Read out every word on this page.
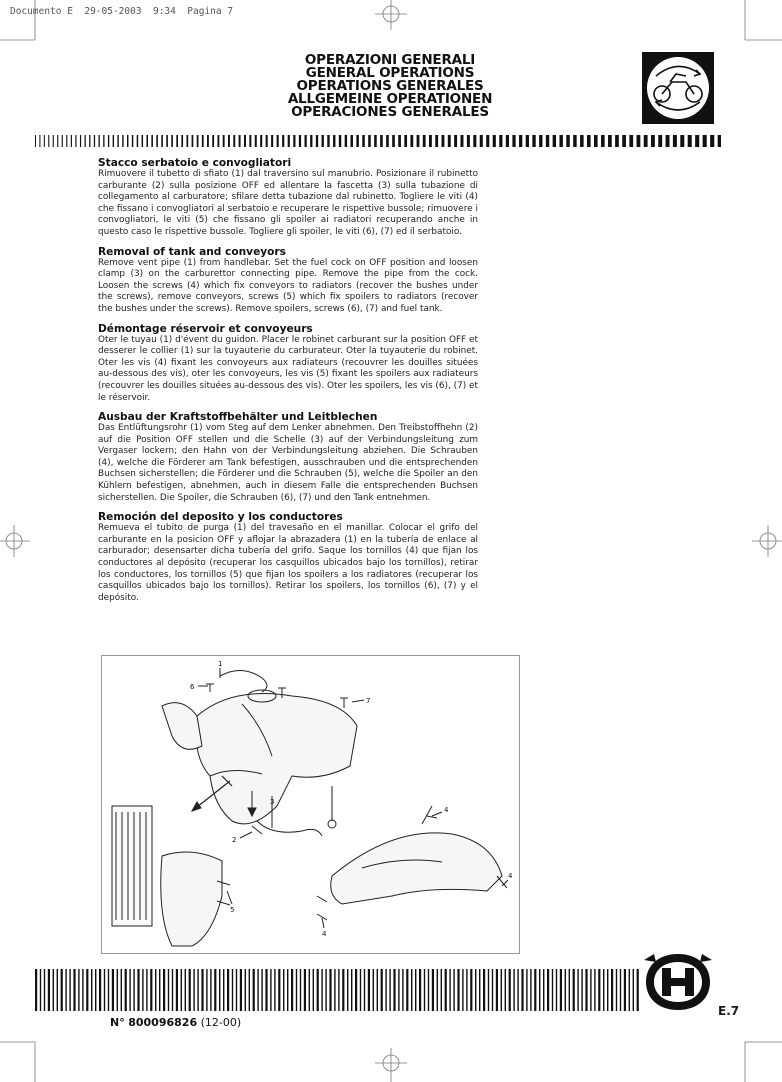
Documento E  29-05-2003  9:34  Pagina 7
OPERAZIONI GENERALI
GENERAL OPERATIONS
OPERATIONS GENERALES
ALLGEMEINE OPERATIONEN
OPERACIONES GENERALES
Stacco serbatoio e convogliatori
Rimuovere il tubetto di sfiato (1) dal traversino sul manubrio. Posizionare il rubinetto carburante (2) sulla posizione OFF ed allentare la fascetta (3) sulla tubazione di collegamento al carburatore; sfilare detta tubazione dal rubinetto. Togliere le viti (4) che fissano i convogliatori al serbatoio e recuperare le rispettive bussole; rimuovere i convogliatori, le viti (5) che fissano gli spoiler ai radiatori recuperando anche in questo caso le rispettive bussole. Togliere gli spoiler, le viti (6), (7) ed il serbatoio.
Removal of tank and conveyors
Remove vent pipe (1) from handlebar. Set the fuel cock on OFF position and loosen clamp (3) on the carburettor connecting pipe. Remove the pipe from the cock. Loosen the screws (4) which fix conveyors to radiators (recover the bushes under the screws), remove conveyors, screws (5) which fix spoilers to radiators (recover the bushes under the screws). Remove spoilers, screws (6), (7) and fuel tank.
Démontage réservoir et convoyeurs
Oter le tuyau (1) d'évent du guidon. Placer le robinet carburant sur la position OFF et desserer le collier (1) sur la tuyauterie du carburateur. Oter la tuyauterie du robinet. Oter les vis (4) fixant les convoyeurs aux radiateurs (recouvrer les douilles situées au-dessous des vis), oter les convoyeurs, les vis (5) fixant les spoilers aux radiateurs (recouvrer les douilles situées au-dessous des vis). Oter les spoilers, les vis (6), (7) et le réservoir.
Ausbau der Kraftstoffbehälter und Leitblechen
Das Entlüftungsrohr (1) vom Steg auf dem Lenker abnehmen. Den Treibstoffhehn (2) auf die Position OFF stellen und die Schelle (3) auf der Verbindungsleitung zum Vergaser lockern; den Hahn von der Verbindungsleitung abziehen. Die Schrauben (4), welche die Förderer am Tank befestigen, ausschrauben und die entsprechenden Buchsen sicherstellen; die Förderer und die Schrauben (5), welche die Spoiler an den Kühlern befestigen, abnehmen, auch in diesem Falle die entsprechenden Buchsen sicherstellen. Die Spoiler, die Schrauben (6), (7) und den Tank entnehmen.
Remoción del deposito y los conductores
Remueva el tubito de purga (1) del travesaño en el manillar. Colocar el grifo del carburante en la posicion OFF y aflojar la abrazadera (1) en la tubería de enlace al carburador; desensarter dicha tubería del grifo. Saque los tornillos (4) que fijan los conductores al depósito (recuperar los casquillos ubicados bajo los tornillos), retirar los conductores, los tornillos (5) que fijan los spoilers a los radiatores (recuperar los casquillos ubicados bajo los tornillos). Retirar los spoilers, los tornillos (6), (7) y el depósito.
1
6
7
3
2
4
5
4
4
N° 800096826 (12-00)
E.7
